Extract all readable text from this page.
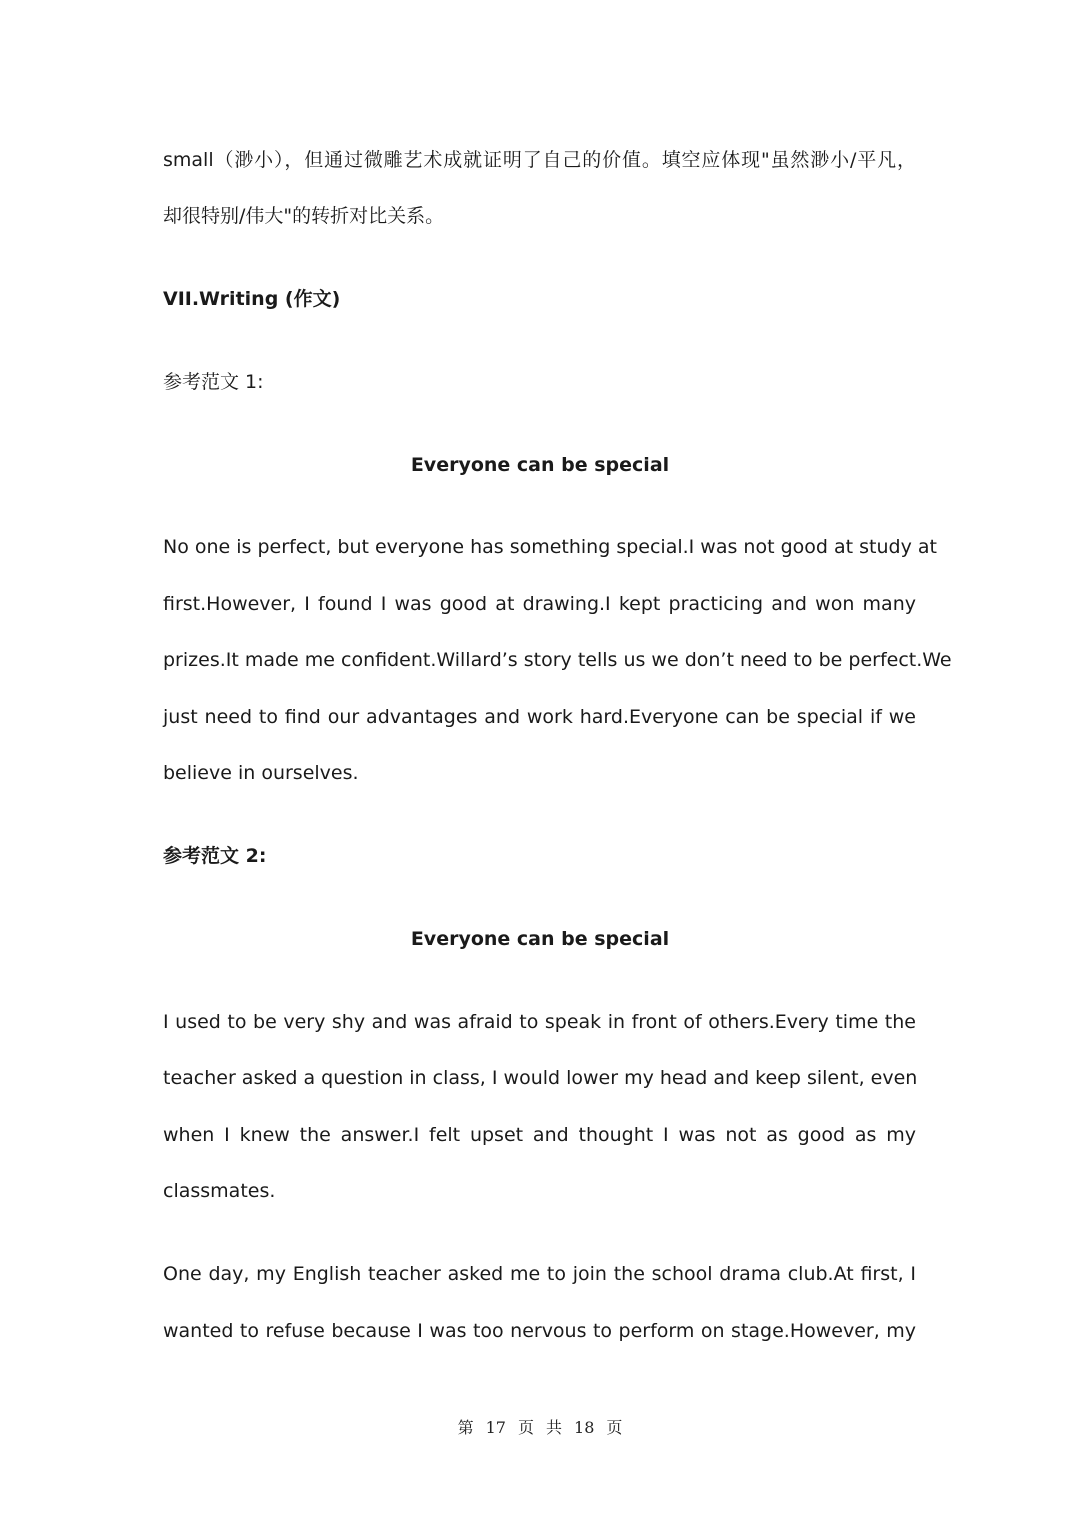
small（渺小），但通过微雕艺术成就证明了自己的价值。填空应体现"虽然渺小/平凡，
却很特别/伟大"的转折对比关系。
VII.Writing (作文)
参考范文 1:
Everyone can be special
No one is perfect, but everyone has something special.I was not good at study at
first.However, I found I was good at drawing.I kept practicing and won many
prizes.It made me confident.Willard’s story tells us we don’t need to be perfect.We
just need to find our advantages and work hard.Everyone can be special if we
believe in ourselves.
参考范文 2:
Everyone can be special
I used to be very shy and was afraid to speak in front of others.Every time the
teacher asked a question in class, I would lower my head and keep silent, even
when I knew the answer.I felt upset and thought I was not as good as my
classmates.
One day, my English teacher asked me to join the school drama club.At first, I
wanted to refuse because I was too nervous to perform on stage.However, my
第 17 页 共 18 页
